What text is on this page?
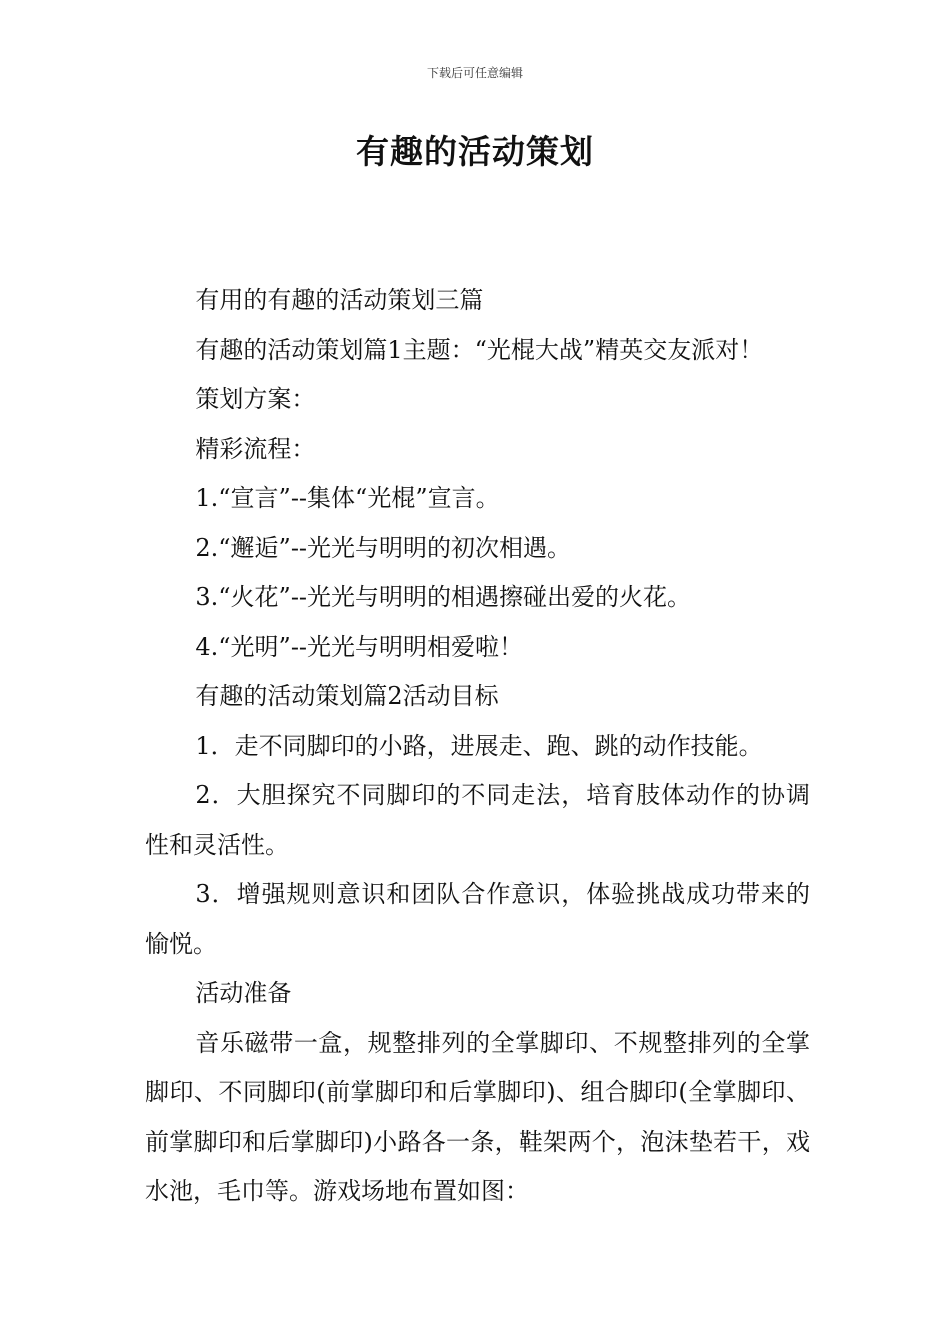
下载后可任意编辑
有趣的活动策划

有用的有趣的活动策划三篇

有趣的活动策划篇1主题：“光棍大战”精英交友派对！

策划方案：

精彩流程：

1.“宣言”--集体“光棍”宣言。

2.“邂逅”--光光与明明的初次相遇。

3.“火花”--光光与明明的相遇擦碰出爱的火花。

4.“光明”--光光与明明相爱啦！

有趣的活动策划篇2活动目标

1．走不同脚印的小路，进展走、跑、跳的动作技能。

2．大胆探究不同脚印的不同走法，培育肢体动作的协调性和灵活性。

3．增强规则意识和团队合作意识，体验挑战成功带来的愉悦。

活动准备

音乐磁带一盒，规整排列的全掌脚印、不规整排列的全掌脚印、不同脚印(前掌脚印和后掌脚印)、组合脚印(全掌脚印、前掌脚印和后掌脚印)小路各一条，鞋架两个，泡沫垫若干，戏水池，毛巾等。游戏场地布置如图：
